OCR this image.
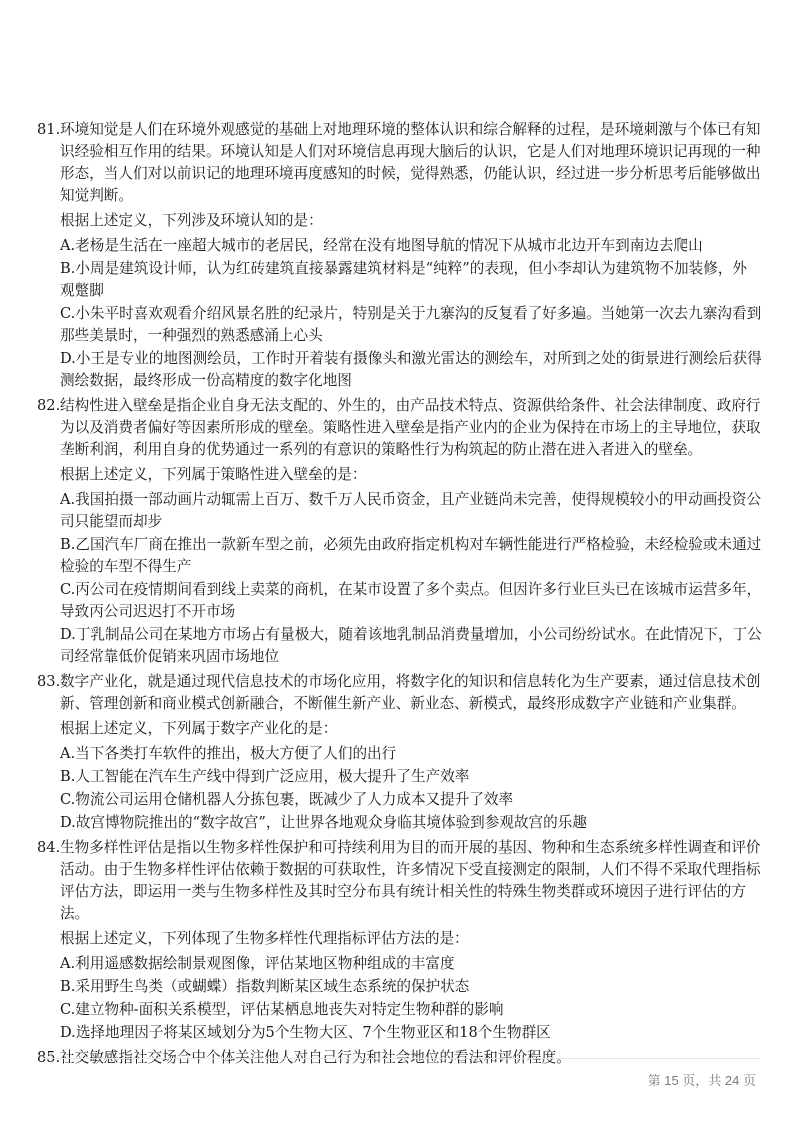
81. 环境知觉是人们在环境外观感觉的基础上对地理环境的整体认识和综合解释的过程，是环境刺激与个体已有知
识经验相互作用的结果。环境认知是人们对环境信息再现大脑后的认识，它是人们对地理环境识记再现的一种
形态，当人们对以前识记的地理环境再度感知的时候，觉得熟悉，仍能认识，经过进一步分析思考后能够做出
知觉判断。
根据上述定义，下列涉及环境认知的是：
A.老杨是生活在一座超大城市的老居民，经常在没有地图导航的情况下从城市北边开车到南边去爬山
B.小周是建筑设计师，认为红砖建筑直接暴露建筑材料是“纯粹”的表现，但小李却认为建筑物不加装修，外
观蹩脚
C.小朱平时喜欢观看介绍风景名胜的纪录片，特别是关于九寨沟的反复看了好多遍。当她第一次去九寨沟看到
那些美景时，一种强烈的熟悉感涌上心头
D.小王是专业的地图测绘员，工作时开着装有摄像头和激光雷达的测绘车，对所到之处的街景进行测绘后获得
测绘数据，最终形成一份高精度的数字化地图
82. 结构性进入壁垒是指企业自身无法支配的、外生的，由产品技术特点、资源供给条件、社会法律制度、政府行
为以及消费者偏好等因素所形成的壁垒。策略性进入壁垒是指产业内的企业为保持在市场上的主导地位，获取
垄断利润，利用自身的优势通过一系列的有意识的策略性行为构筑起的防止潜在进入者进入的壁垒。
根据上述定义，下列属于策略性进入壁垒的是：
A.我国拍摄一部动画片动辄需上百万、数千万人民币资金，且产业链尚未完善，使得规模较小的甲动画投资公
司只能望而却步
B.乙国汽车厂商在推出一款新车型之前，必须先由政府指定机构对车辆性能进行严格检验，未经检验或未通过
检验的车型不得生产
C.丙公司在疫情期间看到线上卖菜的商机，在某市设置了多个卖点。但因许多行业巨头已在该城市运营多年，
导致丙公司迟迟打不开市场
D.丁乳制品公司在某地方市场占有量极大，随着该地乳制品消费量增加，小公司纷纷试水。在此情况下，丁公
司经常靠低价促销来巩固市场地位
83. 数字产业化，就是通过现代信息技术的市场化应用，将数字化的知识和信息转化为生产要素，通过信息技术创
新、管理创新和商业模式创新融合，不断催生新产业、新业态、新模式，最终形成数字产业链和产业集群。
根据上述定义，下列属于数字产业化的是：
A.当下各类打车软件的推出，极大方便了人们的出行
B.人工智能在汽车生产线中得到广泛应用，极大提升了生产效率
C.物流公司运用仓储机器人分拣包裹，既减少了人力成本又提升了效率
D.故宫博物院推出的“数字故宫”，让世界各地观众身临其境体验到参观故宫的乐趣
84. 生物多样性评估是指以生物多样性保护和可持续利用为目的而开展的基因、物种和生态系统多样性调查和评价
活动。由于生物多样性评估依赖于数据的可获取性，许多情况下受直接测定的限制，人们不得不采取代理指标
评估方法，即运用一类与生物多样性及其时空分布具有统计相关性的特殊生物类群或环境因子进行评估的方
法。
根据上述定义，下列体现了生物多样性代理指标评估方法的是：
A.利用遥感数据绘制景观图像，评估某地区物种组成的丰富度
B.采用野生鸟类（或蝴蝶）指数判断某区域生态系统的保护状态
C.建立物种-面积关系模型，评估某栖息地丧失对特定生物种群的影响
D.选择地理因子将某区域划分为5个生物大区、7个生物亚区和18个生物群区
85. 社交敏感指社交场合中个体关注他人对自己行为和社会地位的看法和评价程度。
第 15 页，共 24 页
